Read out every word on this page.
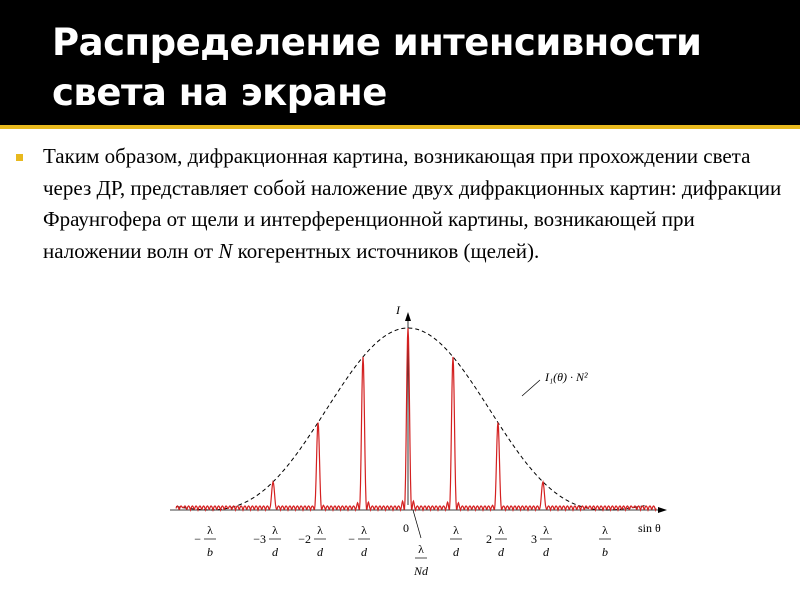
Распределение интенсивности
света на экране
Таким образом, дифракционная картина, возникающая при прохождении света через ДР, представляет собой наложение двух дифракционных картин: дифракции Фраунгофера от щели и интерференционной картины, возникающей при наложении волн от N когерентных источников (щелей).
I
sin θ
I₁(θ) · N²
0
λ
b
−
λ
d
−3
λ
d
−2
λ
d
−
λ
Nd
λ
d
λ
d
2
λ
d
3
λ
b
